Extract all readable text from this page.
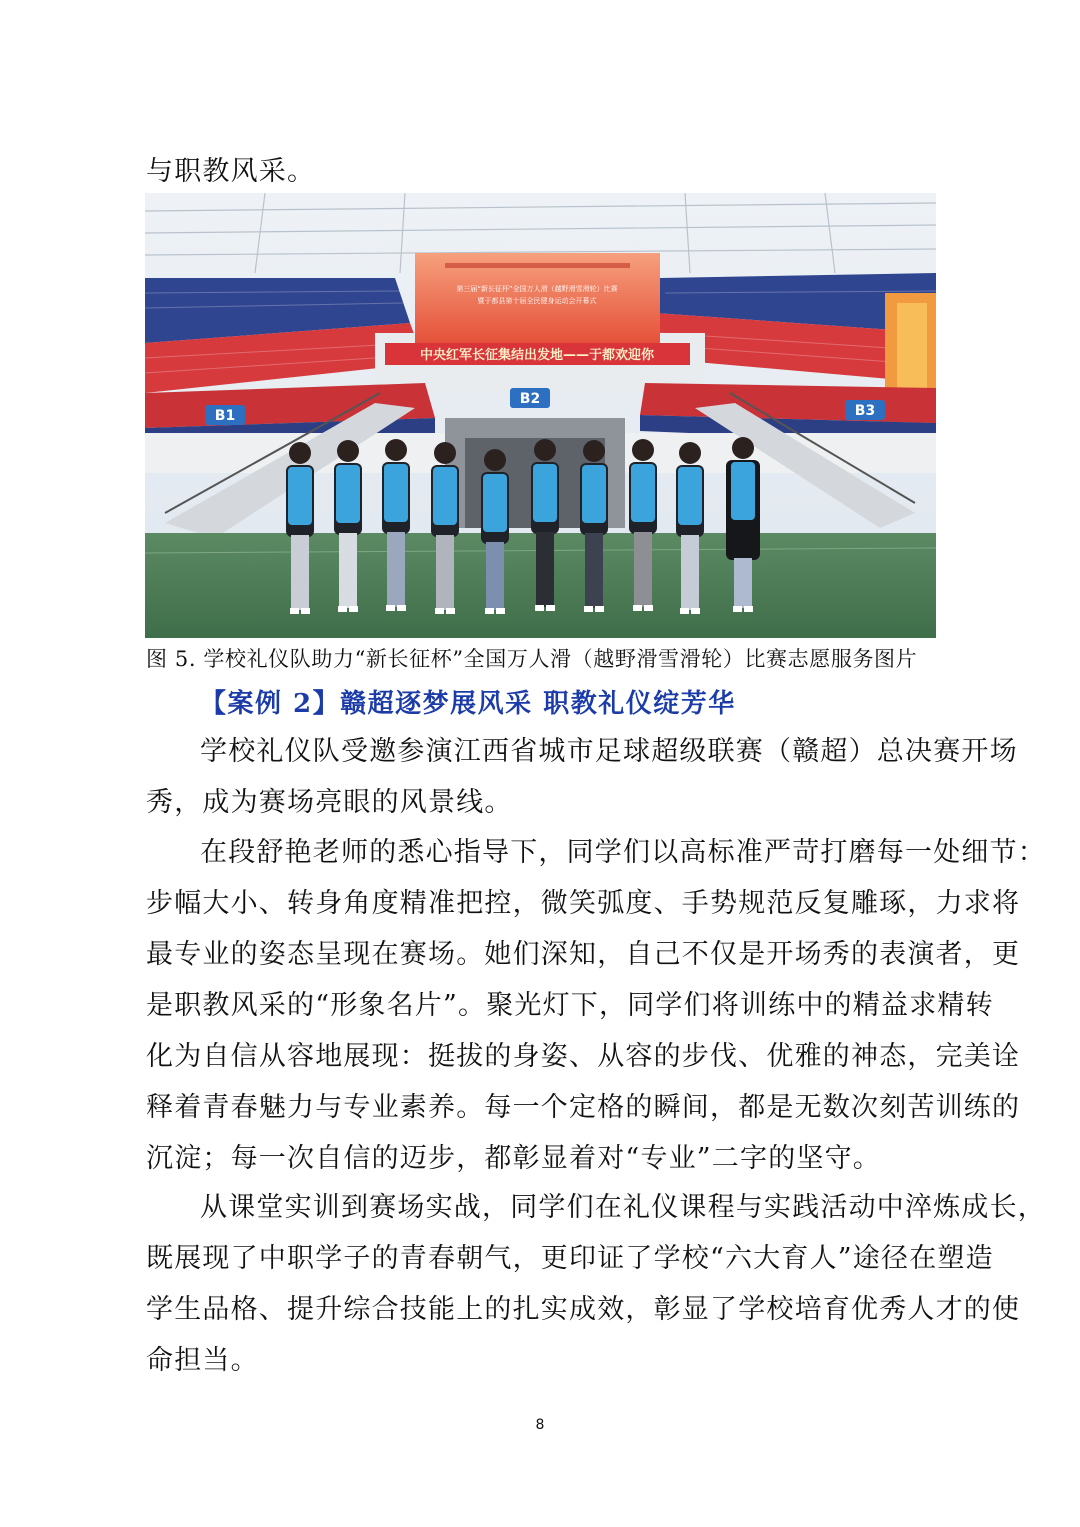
与职教风采。

第三届“新长征杯”全国万人滑（越野滑雪滑轮）比赛
暨于都县第十届全民健身运动会开幕式
中央红军长征集结出发地——于都欢迎你
B1
B2
B3
图 5. 学校礼仪队助力“新长征杯”全国万人滑（越野滑雪滑轮）比赛志愿服务图片
【案例 2】赣超逐梦展风采 职教礼仪绽芳华

学校礼仪队受邀参演江西省城市足球超级联赛（赣超）总决赛开场
秀，成为赛场亮眼的风景线。

在段舒艳老师的悉心指导下，同学们以高标准严苛打磨每一处细节：
步幅大小、转身角度精准把控，微笑弧度、手势规范反复雕琢，力求将
最专业的姿态呈现在赛场。她们深知，自己不仅是开场秀的表演者，更
是职教风采的“形象名片”。聚光灯下，同学们将训练中的精益求精转
化为自信从容地展现：挺拔的身姿、从容的步伐、优雅的神态，完美诠
释着青春魅力与专业素养。每一个定格的瞬间，都是无数次刻苦训练的
沉淀；每一次自信的迈步，都彰显着对“专业”二字的坚守。

从课堂实训到赛场实战，同学们在礼仪课程与实践活动中淬炼成长，
既展现了中职学子的青春朝气，更印证了学校“六大育人”途径在塑造
学生品格、提升综合技能上的扎实成效，彰显了学校培育优秀人才的使
命担当。

8
